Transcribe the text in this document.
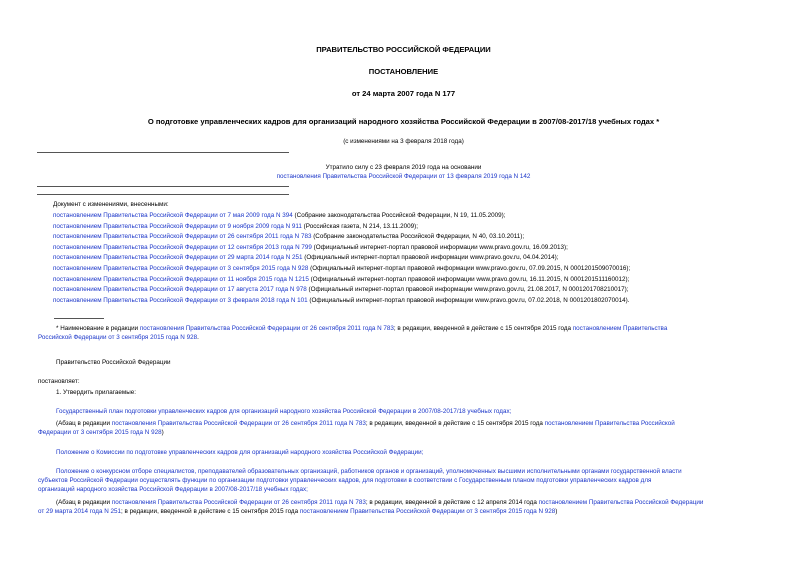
ПРАВИТЕЛЬСТВО РОССИЙСКОЙ ФЕДЕРАЦИИ
ПОСТАНОВЛЕНИЕ
от 24 марта 2007 года N 177
О подготовке управленческих кадров для организаций народного хозяйства Российской Федерации в 2007/08-2017/18 учебных годах *
(с изменениями на 3 февраля 2018 года)
Утратило силу с 23 февраля 2019 года на основании
постановления Правительства Российской Федерации от 13 февраля 2019 года N 142
Документ с изменениями, внесенными:
постановлением Правительства Российской Федерации от 7 мая 2009 года N 394 (Собрание законодательства Российской Федерации, N 19, 11.05.2009);
постановлением Правительства Российской Федерации от 9 ноября 2009 года N 911 (Российская газета, N 214, 13.11.2009);
постановлением Правительства Российской Федерации от 26 сентября 2011 года N 783 (Собрание законодательства Российской Федерации, N 40, 03.10.2011);
постановлением Правительства Российской Федерации от 12 сентября 2013 года N 799 (Официальный интернет-портал правовой информации www.pravo.gov.ru, 16.09.2013);
постановлением Правительства Российской Федерации от 29 марта 2014 года N 251 (Официальный интернет-портал правовой информации www.pravo.gov.ru, 04.04.2014);
постановлением Правительства Российской Федерации от 3 сентября 2015 года N 928 (Официальный интернет-портал правовой информации www.pravo.gov.ru, 07.09.2015, N 0001201509070016);
постановлением Правительства Российской Федерации от 11 ноября 2015 года N 1215 (Официальный интернет-портал правовой информации www.pravo.gov.ru, 16.11.2015, N 0001201511160012);
постановлением Правительства Российской Федерации от 17 августа 2017 года N 978 (Официальный интернет-портал правовой информации www.pravo.gov.ru, 21.08.2017, N 0001201708210017);
постановлением Правительства Российской Федерации от 3 февраля 2018 года N 101 (Официальный интернет-портал правовой информации www.pravo.gov.ru, 07.02.2018, N 0001201802070014).
* Наименование в редакции постановления Правительства Российской Федерации от 26 сентября 2011 года N 783; в редакции, введенной в действие с 15 сентября 2015 года постановлением Правительства
Российской Федерации от 3 сентября 2015 года N 928.
Правительство Российской Федерации
постановляет:
1. Утвердить прилагаемые:
Государственный план подготовки управленческих кадров для организаций народного хозяйства Российской Федерации в 2007/08-2017/18 учебных годах;
(Абзац в редакции постановления Правительства Российской Федерации от 26 сентября 2011 года N 783; в редакции, введенной в действие с 15 сентября 2015 года постановлением Правительства Российской
Федерации от 3 сентября 2015 года N 928)
Положение о Комиссии по подготовке управленческих кадров для организаций народного хозяйства Российской Федерации;
Положение о конкурсном отборе специалистов, преподавателей образовательных организаций, работников органов и организаций, уполномоченных высшими исполнительными органами государственной власти
субъектов Российской Федерации осуществлять функции по организации подготовки управленческих кадров, для подготовки в соответствии с Государственным планом подготовки управленческих кадров для
организаций народного хозяйства Российской Федерации в 2007/08-2017/18 учебных годах;
(Абзац в редакции постановления Правительства Российской Федерации от 26 сентября 2011 года N 783; в редакции, введенной в действие с 12 апреля 2014 года постановлением Правительства Российской Федерации
от 29 марта 2014 года N 251; в редакции, введенной в действие с 15 сентября 2015 года постановлением Правительства Российской Федерации от 3 сентября 2015 года N 928)
